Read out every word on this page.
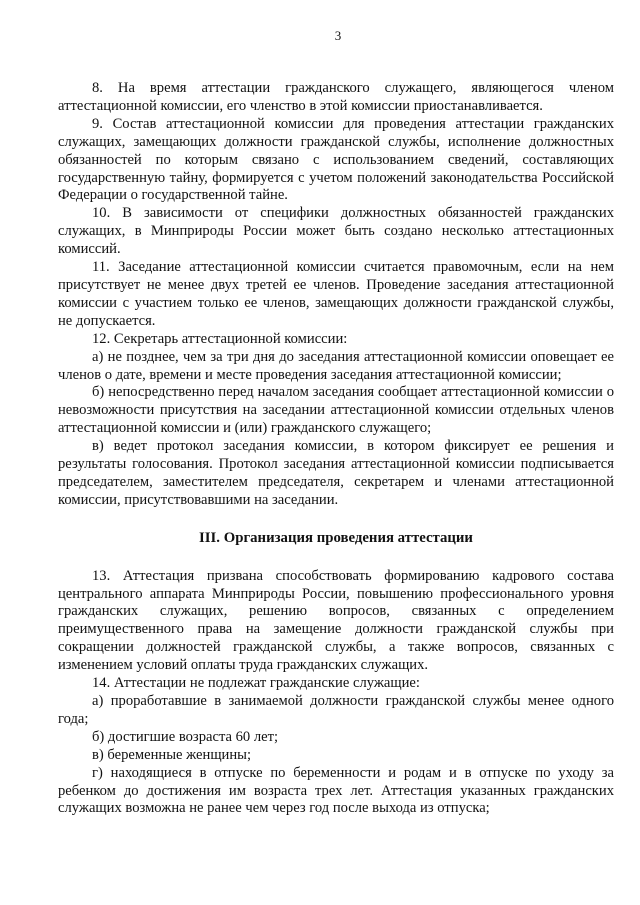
3

8. На время аттестации гражданского служащего, являющегося членом аттестационной комиссии, его членство в этой комиссии приостанавливается.

9. Состав аттестационной комиссии для проведения аттестации гражданских служащих, замещающих должности гражданской службы, исполнение должностных обязанностей по которым связано с использованием сведений, составляющих государственную тайну, формируется с учетом положений законодательства Российской Федерации о государственной тайне.

10. В зависимости от специфики должностных обязанностей гражданских служащих, в Минприроды России может быть создано несколько аттестационных комиссий.

11. Заседание аттестационной комиссии считается правомочным, если на нем присутствует не менее двух третей ее членов. Проведение заседания аттестационной комиссии с участием только ее членов, замещающих должности гражданской службы, не допускается.

12. Секретарь аттестационной комиссии:

а) не позднее, чем за три дня до заседания аттестационной комиссии оповещает ее членов о дате, времени и месте проведения заседания аттестационной комиссии;

б) непосредственно перед началом заседания сообщает аттестационной комиссии о невозможности присутствия на заседании аттестационной комиссии отдельных членов аттестационной комиссии и (или) гражданского служащего;

в) ведет протокол заседания комиссии, в котором фиксирует ее решения и результаты голосования. Протокол заседания аттестационной комиссии подписывается председателем, заместителем председателя, секретарем и членами аттестационной комиссии, присутствовавшими на заседании.

III. Организация проведения аттестации

13. Аттестация призвана способствовать формированию кадрового состава центрального аппарата Минприроды России, повышению профессионального уровня гражданских служащих, решению вопросов, связанных с определением преимущественного права на замещение должности гражданской службы при сокращении должностей гражданской службы, а также вопросов, связанных с изменением условий оплаты труда гражданских служащих.

14. Аттестации не подлежат гражданские служащие:

а) проработавшие в занимаемой должности гражданской службы менее одного года;

б) достигшие возраста 60 лет;

в) беременные женщины;

г) находящиеся в отпуске по беременности и родам и в отпуске по уходу за ребенком до достижения им возраста трех лет. Аттестация указанных гражданских служащих возможна не ранее чем через год после выхода из отпуска;
